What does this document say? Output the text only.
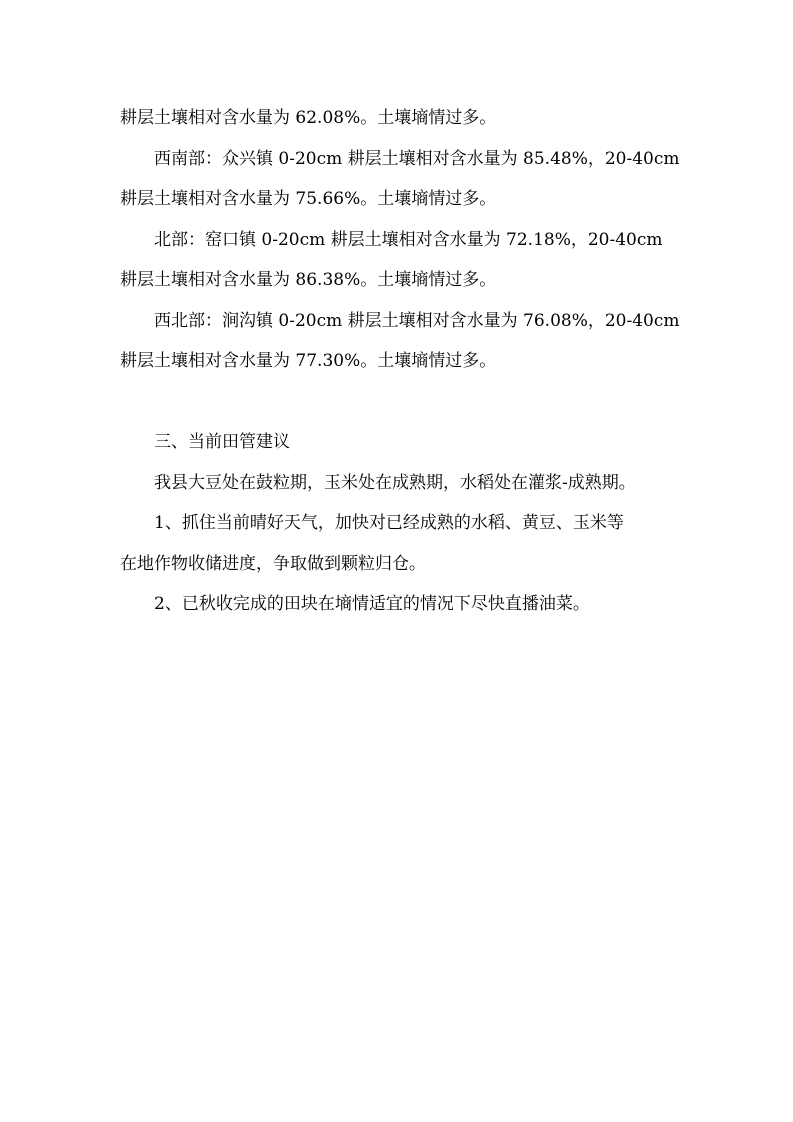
耕层土壤相对含水量为 62.08%。土壤墒情过多。

西南部：众兴镇 0-20cm 耕层土壤相对含水量为 85.48%，20-40cm

耕层土壤相对含水量为 75.66%。土壤墒情过多。

北部：窑口镇 0-20cm 耕层土壤相对含水量为 72.18%，20-40cm

耕层土壤相对含水量为 86.38%。土壤墒情过多。

西北部：涧沟镇 0-20cm 耕层土壤相对含水量为 76.08%，20-40cm

耕层土壤相对含水量为 77.30%。土壤墒情过多。

三、当前田管建议

我县大豆处在鼓粒期，玉米处在成熟期，水稻处在灌浆-成熟期。

1、抓住当前晴好天气，加快对已经成熟的水稻、黄豆、玉米等

在地作物收储进度，争取做到颗粒归仓。

2、已秋收完成的田块在墒情适宜的情况下尽快直播油菜。
